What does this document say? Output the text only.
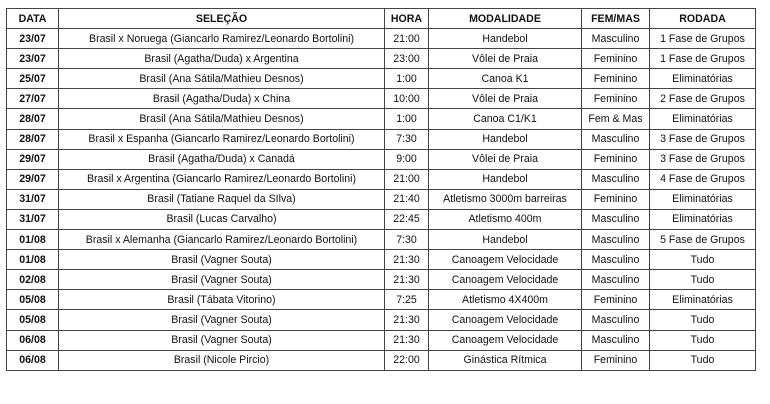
DATA	SELEÇÃO	HORA	MODALIDADE	FEM/MAS	RODADA
23/07	Brasil x Noruega (Giancarlo Ramirez/Leonardo Bortolini)	21:00	Handebol	Masculino	1 Fase de Grupos
23/07	Brasil (Agatha/Duda) x Argentina	23:00	Vôlei de Praia	Feminino	1 Fase de Grupos
25/07	Brasil (Ana Sátila/Mathieu Desnos)	1:00	Canoa K1	Feminino	Eliminatórias
27/07	Brasil (Agatha/Duda) x China	10:00	Vôlei de Praia	Feminino	2 Fase de Grupos
28/07	Brasil (Ana Sátila/Mathieu Desnos)	1:00	Canoa C1/K1	Fem & Mas	Eliminatórias
28/07	Brasil x Espanha (Giancarlo Ramirez/Leonardo Bortolini)	7:30	Handebol	Masculino	3 Fase de Grupos
29/07	Brasil (Agatha/Duda) x Canadá	9:00	Vôlei de Praia	Feminino	3 Fase de Grupos
29/07	Brasil x Argentina (Giancarlo Ramirez/Leonardo Bortolini)	21:00	Handebol	Masculino	4 Fase de Grupos
31/07	Brasil (Tatiane Raquel da SIlva)	21:40	Atletismo 3000m barreiras	Feminino	Eliminatórias
31/07	Brasil (Lucas Carvalho)	22:45	Atletismo 400m	Masculino	Eliminatórias
01/08	Brasil x Alemanha (Giancarlo Ramirez/Leonardo Bortolini)	7:30	Handebol	Masculino	5 Fase de Grupos
01/08	Brasil (Vagner Souta)	21:30	Canoagem Velocidade	Masculino	Tudo
02/08	Brasil (Vagner Souta)	21:30	Canoagem Velocidade	Masculino	Tudo
05/08	Brasil (Tábata Vitorino)	7:25	Atletismo 4X400m	Feminino	Eliminatórias
05/08	Brasil (Vagner Souta)	21:30	Canoagem Velocidade	Masculino	Tudo
06/08	Brasil (Vagner Souta)	21:30	Canoagem Velocidade	Masculino	Tudo
06/08	Brasil (Nicole Pircio)	22:00	Ginástica Rítmica	Feminino	Tudo
